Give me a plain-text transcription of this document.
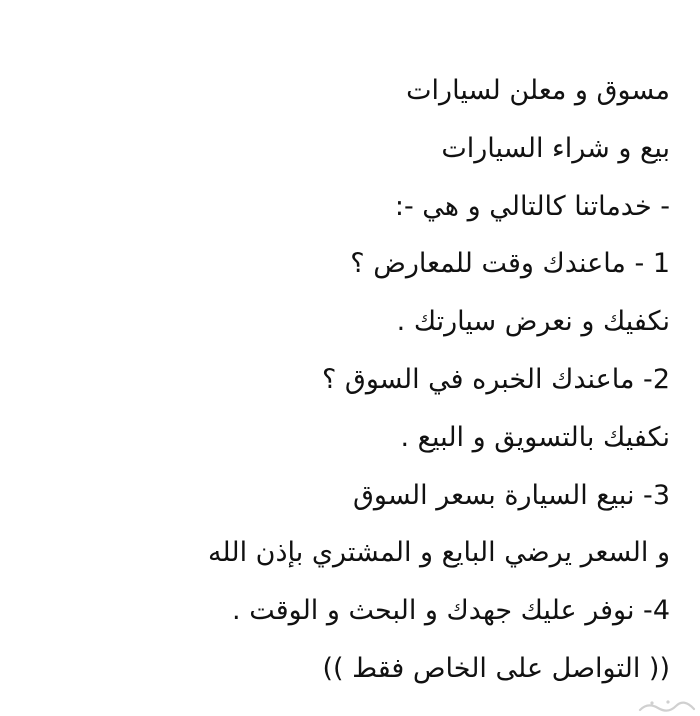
مسوق و معلن لسيارات
بيع و شراء السيارات
- خدماتنا كالتالي و هي -:
1 - ماعندك وقت للمعارض ؟
نكفيك و نعرض سيارتك .
2- ماعندك الخبره في السوق ؟
نكفيك بالتسويق و البيع .
3- نبيع السيارة بسعر السوق
و السعر يرضي البايع و المشتري بإذن الله
4- نوفر عليك جهدك و البحث و الوقت .
(( التواصل على الخاص فقط ))
